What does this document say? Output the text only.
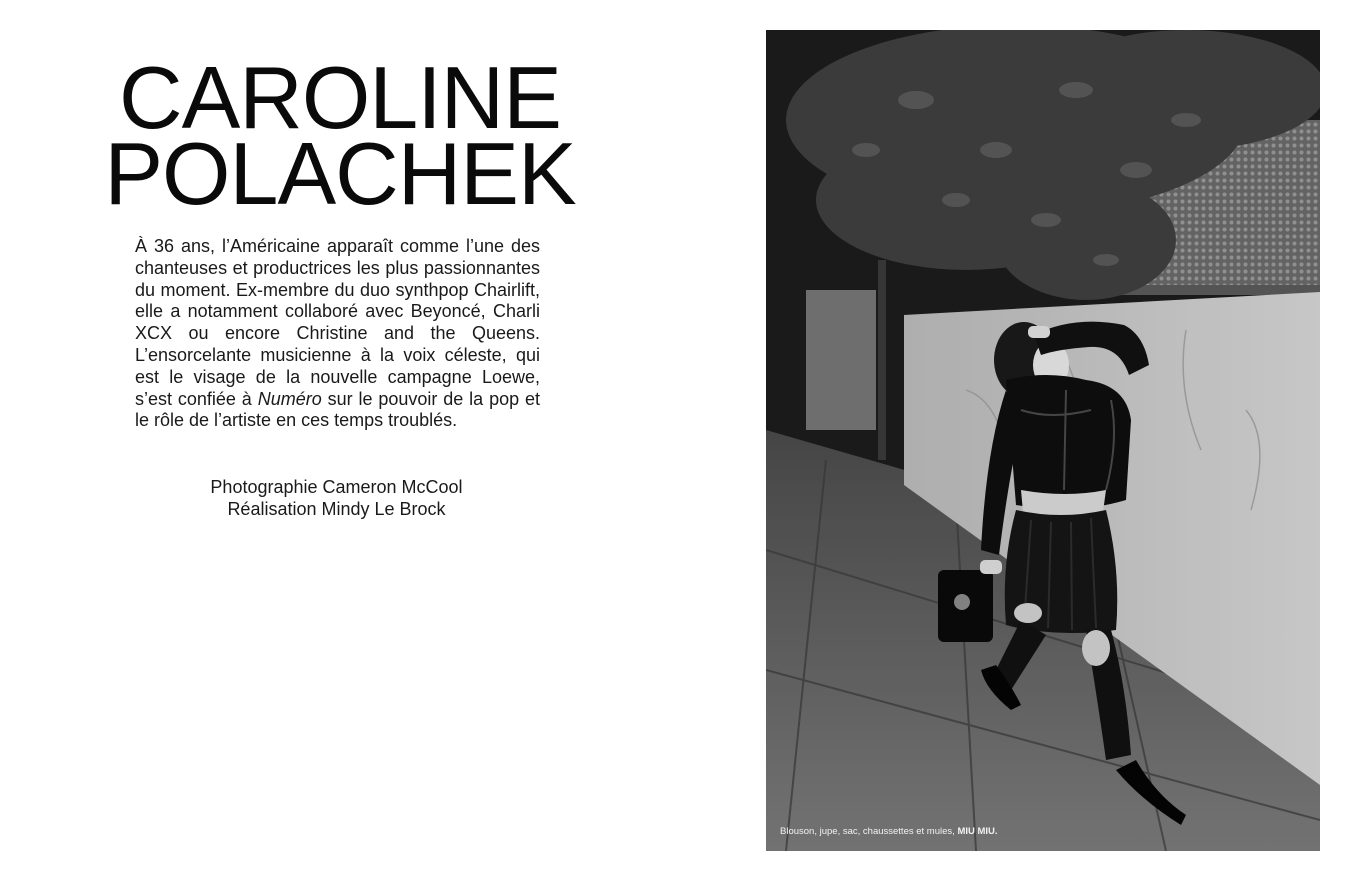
CAROLINE
POLACHEK

À 36 ans, l’Américaine apparaît comme l’une des chanteuses et productrices les plus passionnantes du moment. Ex-membre du duo synthpop Chairlift, elle a notamment collaboré avec Beyoncé, Charli XCX ou encore Christine and the Queens. L’ensorcelante musicienne à la voix céleste, qui est le visage de la nouvelle campagne Loewe, s’est confiée à Numéro sur le pouvoir de la pop et le rôle de l’artiste en ces temps troublés.

Photographie Cameron McCool
Réalisation Mindy Le Brock
Blouson, jupe, sac, chaussettes et mules, MIU MIU.
